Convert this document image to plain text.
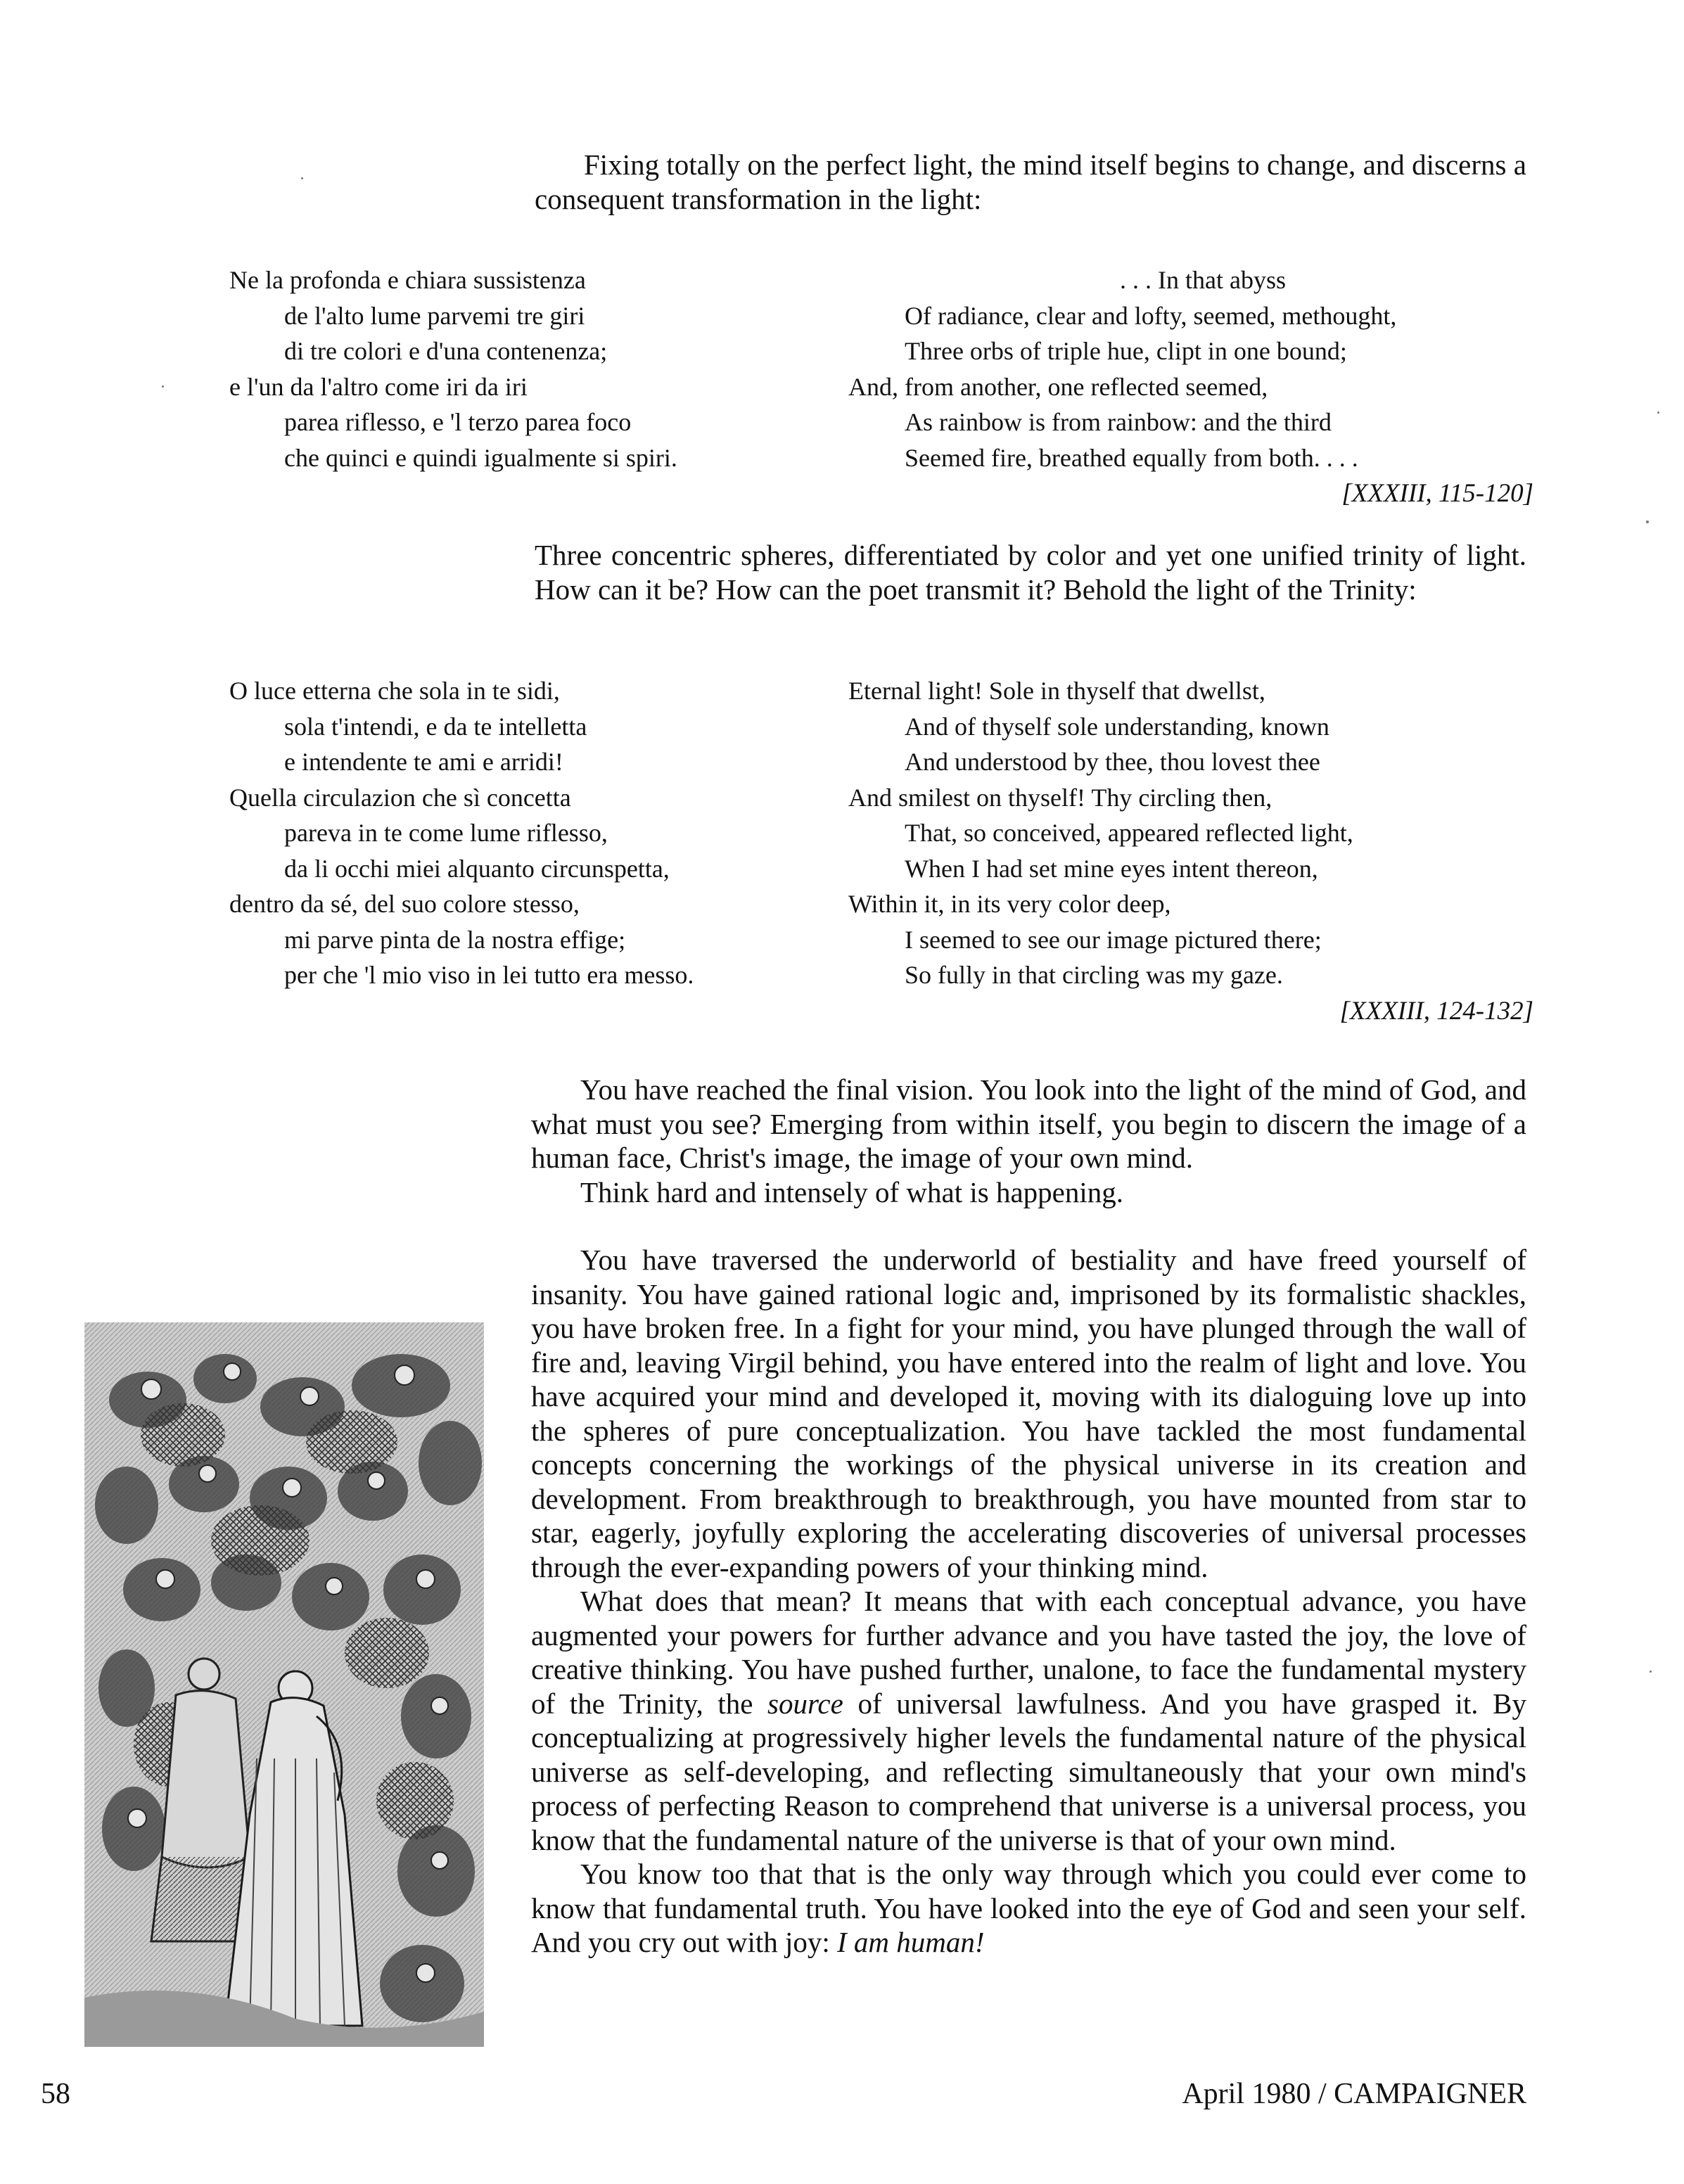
Fixing totally on the perfect light, the mind itself begins to change, and discerns a consequent transformation in the light:

Ne la profonda e chiara sussistenza
de l'alto lume parvemi tre giri
di tre colori e d'una contenenza;
e l'un da l'altro come iri da iri
parea riflesso, e 'l terzo parea foco
che quinci e quindi igualmente si spiri.
. . . In that abyss
Of radiance, clear and lofty, seemed, methought,
Three orbs of triple hue, clipt in one bound;
And, from another, one reflected seemed,
As rainbow is from rainbow: and the third
Seemed fire, breathed equally from both. . . .
[XXXIII, 115-120]

Three concentric spheres, differentiated by color and yet one unified trinity of light. How can it be? How can the poet transmit it? Behold the light of the Trinity:

O luce etterna che sola in te sidi,
sola t'intendi, e da te intelletta
e intendente te ami e arridi!
Quella circulazion che sì concetta
pareva in te come lume riflesso,
da li occhi miei alquanto circunspetta,
dentro da sé, del suo colore stesso,
mi parve pinta de la nostra effige;
per che 'l mio viso in lei tutto era messo.
Eternal light! Sole in thyself that dwellst,
And of thyself sole understanding, known
And understood by thee, thou lovest thee
And smilest on thyself! Thy circling then,
That, so conceived, appeared reflected light,
When I had set mine eyes intent thereon,
Within it, in its very color deep,
I seemed to see our image pictured there;
So fully in that circling was my gaze.
[XXXIII, 124-132]

You have reached the final vision. You look into the light of the mind of God, and what must you see? Emerging from within itself, you begin to discern the image of a human face, Christ's image, the image of your own mind.

Think hard and intensely of what is happening.

You have traversed the underworld of bestiality and have freed yourself of insanity. You have gained rational logic and, imprisoned by its formalistic shackles, you have broken free. In a fight for your mind, you have plunged through the wall of fire and, leaving Virgil behind, you have entered into the realm of light and love. You have acquired your mind and developed it, moving with its dialoguing love up into the spheres of pure conceptualization. You have tackled the most fundamental concepts concerning the workings of the physical universe in its creation and development. From breakthrough to breakthrough, you have mounted from star to star, eagerly, joyfully exploring the accelerating discoveries of universal processes through the ever-expanding powers of your thinking mind.

What does that mean? It means that with each conceptual advance, you have augmented your powers for further advance and you have tasted the joy, the love of creative thinking. You have pushed further, unalone, to face the fundamental mystery of the Trinity, the source of universal lawfulness. And you have grasped it. By conceptualizing at progressively higher levels the fundamental nature of the physical universe as self-developing, and reflecting simultaneously that your own mind's process of perfecting Reason to comprehend that universe is a universal process, you know that the fundamental nature of the universe is that of your own mind.

You know too that that is the only way through which you could ever come to know that fundamental truth. You have looked into the eye of God and seen your self. And you cry out with joy: I am human!

58	April 1980 / CAMPAIGNER
